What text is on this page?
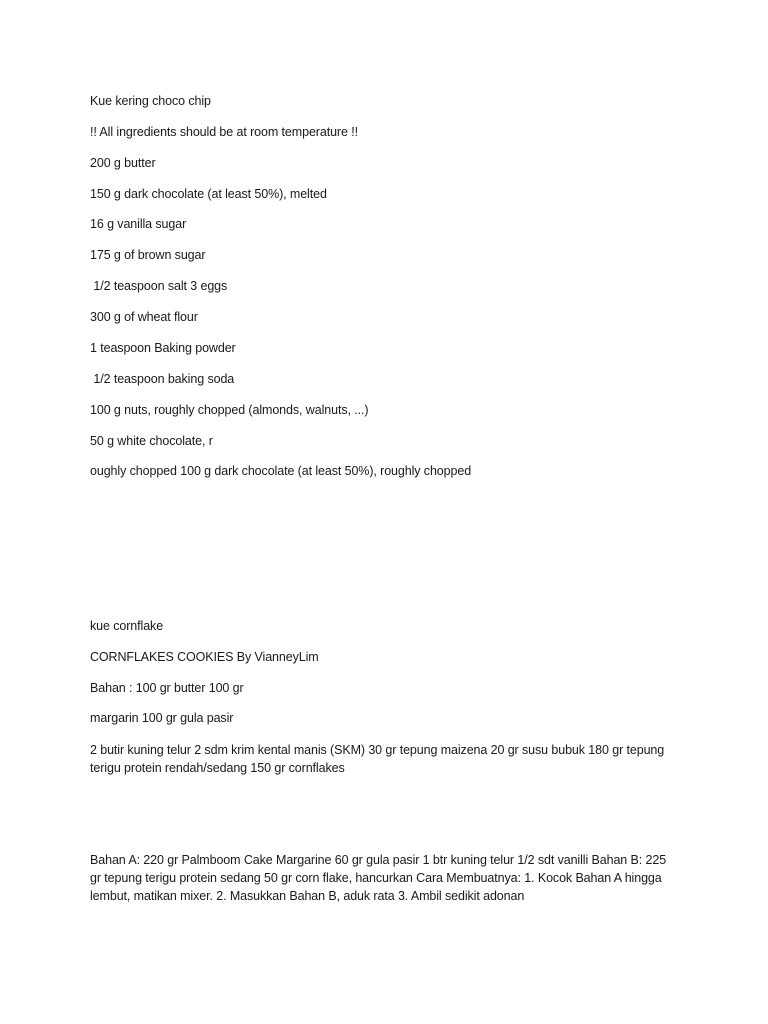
Kue kering choco chip
!! All ingredients should be at room temperature !!
200 g butter
150 g dark chocolate (at least 50%), melted
16 g vanilla sugar
175 g of brown sugar
1/2 teaspoon salt 3 eggs
300 g of wheat flour
1 teaspoon Baking powder
1/2 teaspoon baking soda
100 g nuts, roughly chopped (almonds, walnuts, ...)
50 g white chocolate, r
oughly chopped 100 g dark chocolate (at least 50%), roughly chopped
kue cornflake
CORNFLAKES COOKIES By VianneyLim
Bahan : 100 gr butter 100 gr
margarin 100 gr gula pasir
2 butir kuning telur 2 sdm krim kental manis (SKM) 30 gr tepung maizena 20 gr susu bubuk 180 gr tepung terigu protein rendah/sedang 150 gr cornflakes
Bahan A: 220 gr Palmboom Cake Margarine 60 gr gula pasir 1 btr kuning telur 1/2 sdt vanilli Bahan B: 225 gr tepung terigu protein sedang 50 gr corn flake, hancurkan Cara Membuatnya: 1. Kocok Bahan A hingga lembut, matikan mixer. 2. Masukkan Bahan B, aduk rata 3. Ambil sedikit adonan
